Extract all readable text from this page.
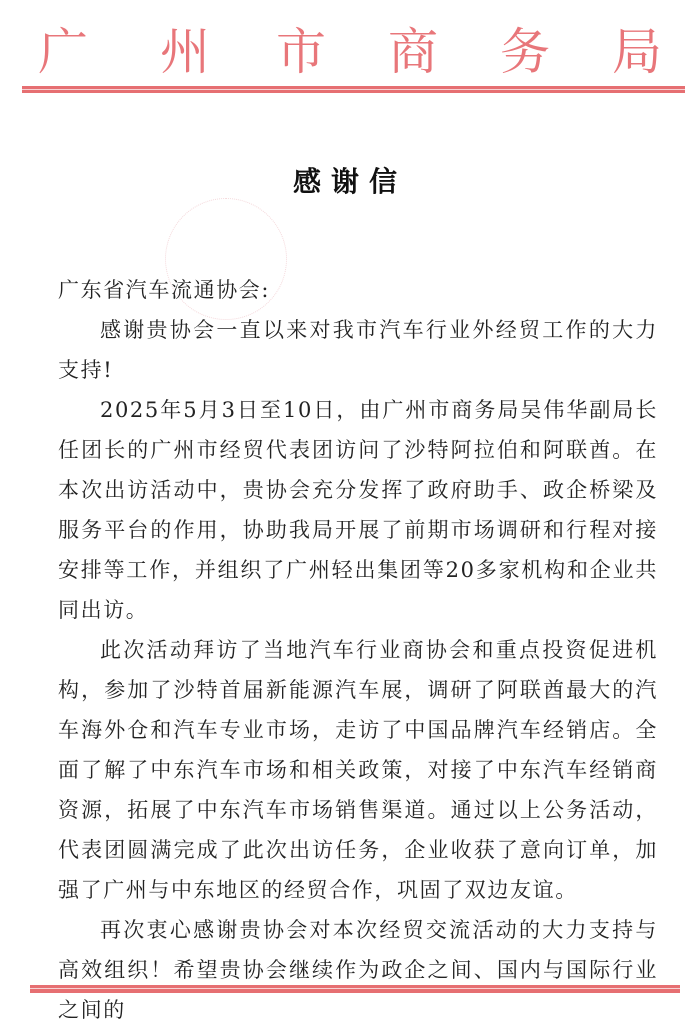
广 州 市 商 务 局
感谢信

广东省汽车流通协会:

感谢贵协会一直以来对我市汽车行业外经贸工作的大力支持!

2025年5月3日至10日，由广州市商务局吴伟华副局长任团长的广州市经贸代表团访问了沙特阿拉伯和阿联酋。在本次出访活动中，贵协会充分发挥了政府助手、政企桥梁及服务平台的作用，协助我局开展了前期市场调研和行程对接安排等工作，并组织了广州轻出集团等20多家机构和企业共同出访。

此次活动拜访了当地汽车行业商协会和重点投资促进机构，参加了沙特首届新能源汽车展，调研了阿联酋最大的汽车海外仓和汽车专业市场，走访了中国品牌汽车经销店。全面了解了中东汽车市场和相关政策，对接了中东汽车经销商资源，拓展了中东汽车市场销售渠道。通过以上公务活动，代表团圆满完成了此次出访任务，企业收获了意向订单，加强了广州与中东地区的经贸合作，巩固了双边友谊。

再次衷心感谢贵协会对本次经贸交流活动的大力支持与高效组织！希望贵协会继续作为政企之间、国内与国际行业之间的
